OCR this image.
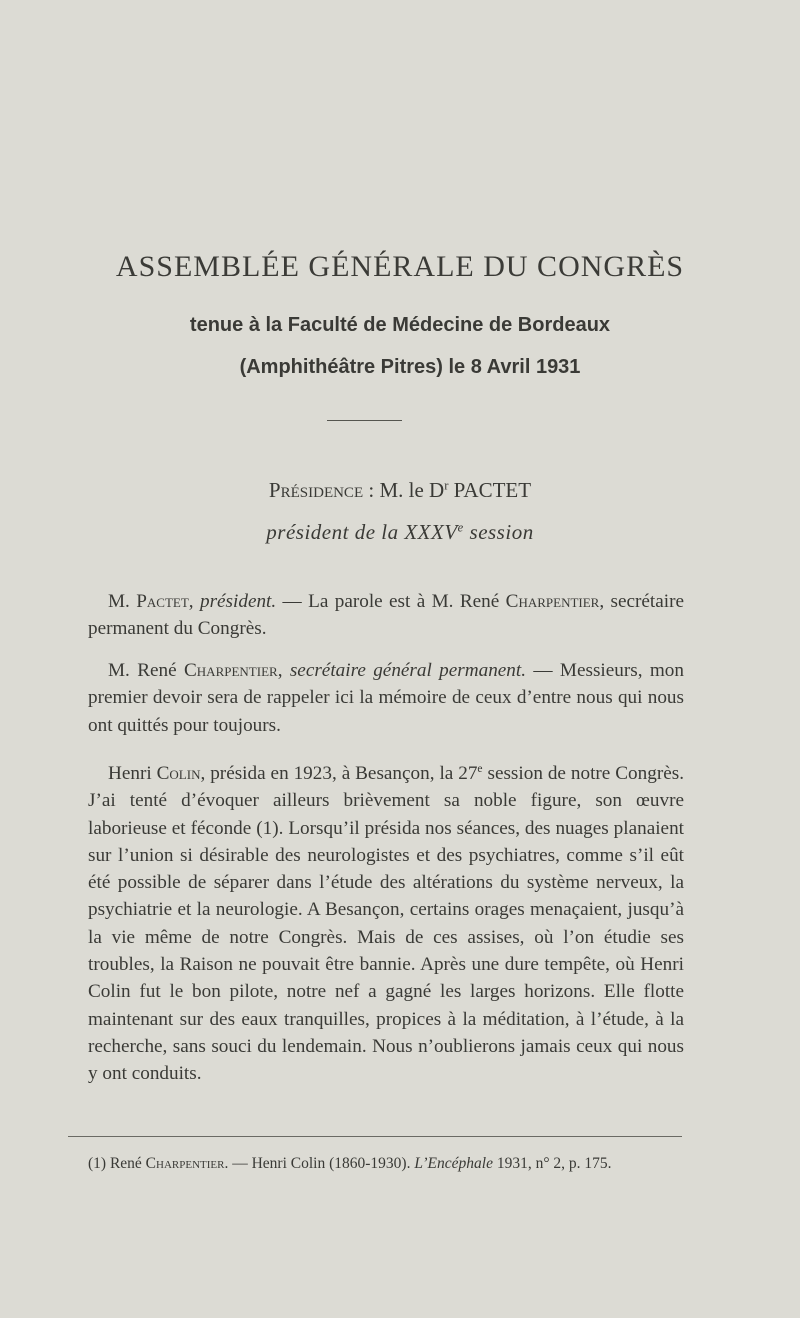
ASSEMBLÉE GÉNÉRALE DU CONGRÈS
tenue à la Faculté de Médecine de Bordeaux
(Amphithéâtre Pitres) le 8 Avril 1931
Présidence : M. le $D^r$ PACTET
président de la XXXVe session

M. Pactet, président. — La parole est à M. René Charpentier, secrétaire permanent du Congrès.

M. René Charpentier, secrétaire général permanent. — Messieurs, mon premier devoir sera de rappeler ici la mémoire de ceux d’entre nous qui nous ont quittés pour toujours.

Henri Colin, présida en 1923, à Besançon, la 27e session de notre Congrès. J’ai tenté d’évoquer ailleurs brièvement sa noble figure, son œuvre laborieuse et féconde (1). Lorsqu’il présida nos séances, des nuages planaient sur l’union si désirable des neurologistes et des psychiatres, comme s’il eût été possible de séparer dans l’étude des altérations du système nerveux, la psychiatrie et la neurologie. A Besançon, certains orages menaçaient, jusqu’à la vie même de notre Congrès. Mais de ces assises, où l’on étudie ses troubles, la Raison ne pouvait être bannie. Après une dure tempête, où Henri Colin fut le bon pilote, notre nef a gagné les larges horizons. Elle flotte maintenant sur des eaux tranquilles, propices à la méditation, à l’étude, à la recherche, sans souci du lendemain. Nous n’oublierons jamais ceux qui nous y ont conduits.

(1) René Charpentier. — Henri Colin (1860-1930). L’Encéphale 1931, n° 2, p. 175.
